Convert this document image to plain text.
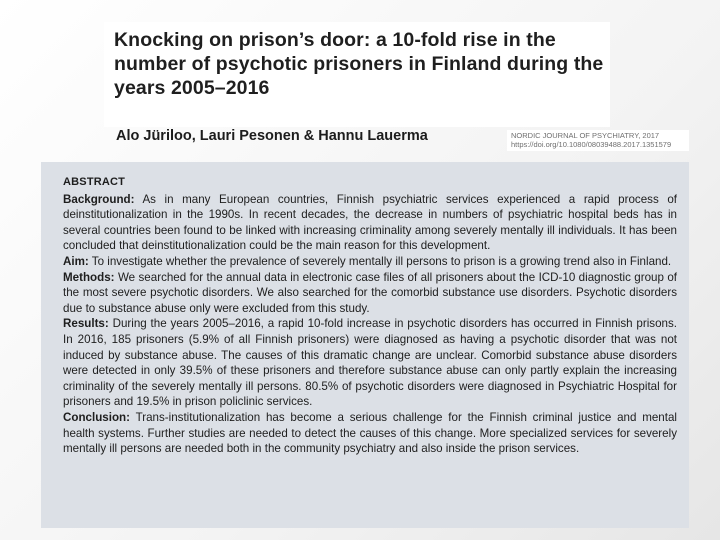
Knocking on prison’s door: a 10-fold rise in the number of psychotic prisoners in Finland during the years 2005–2016
Alo Jüriloo, Lauri Pesonen & Hannu Lauerma	NORDIC JOURNAL OF PSYCHIATRY, 2017
https://doi.org/10.1080/08039488.2017.1351579
ABSTRACT

Background: As in many European countries, Finnish psychiatric services experienced a rapid process of deinstitutionalization in the 1990s. In recent decades, the decrease in numbers of psychiatric hospital beds has in several countries been found to be linked with increasing criminality among severely mentally ill individuals. It has been concluded that deinstitutionalization could be the main reason for this development.

Aim: To investigate whether the prevalence of severely mentally ill persons to prison is a growing trend also in Finland.

Methods: We searched for the annual data in electronic case files of all prisoners about the ICD-10 diagnostic group of the most severe psychotic disorders. We also searched for the comorbid substance use disorders. Psychotic disorders due to substance abuse only were excluded from this study.

Results: During the years 2005–2016, a rapid 10-fold increase in psychotic disorders has occurred in Finnish prisons. In 2016, 185 prisoners (5.9% of all Finnish prisoners) were diagnosed as having a psychotic disorder that was not induced by substance abuse. The causes of this dramatic change are unclear. Comorbid substance abuse disorders were detected in only 39.5% of these prisoners and therefore substance abuse can only partly explain the increasing criminality of the severely mentally ill persons. 80.5% of psychotic disorders were diagnosed in Psychiatric Hospital for prisoners and 19.5% in prison policlinic services.

Conclusion: Trans-institutionalization has become a serious challenge for the Finnish criminal justice and mental health systems. Further studies are needed to detect the causes of this change. More specialized services for severely mentally ill persons are needed both in the community psychiatry and also inside the prison services.
